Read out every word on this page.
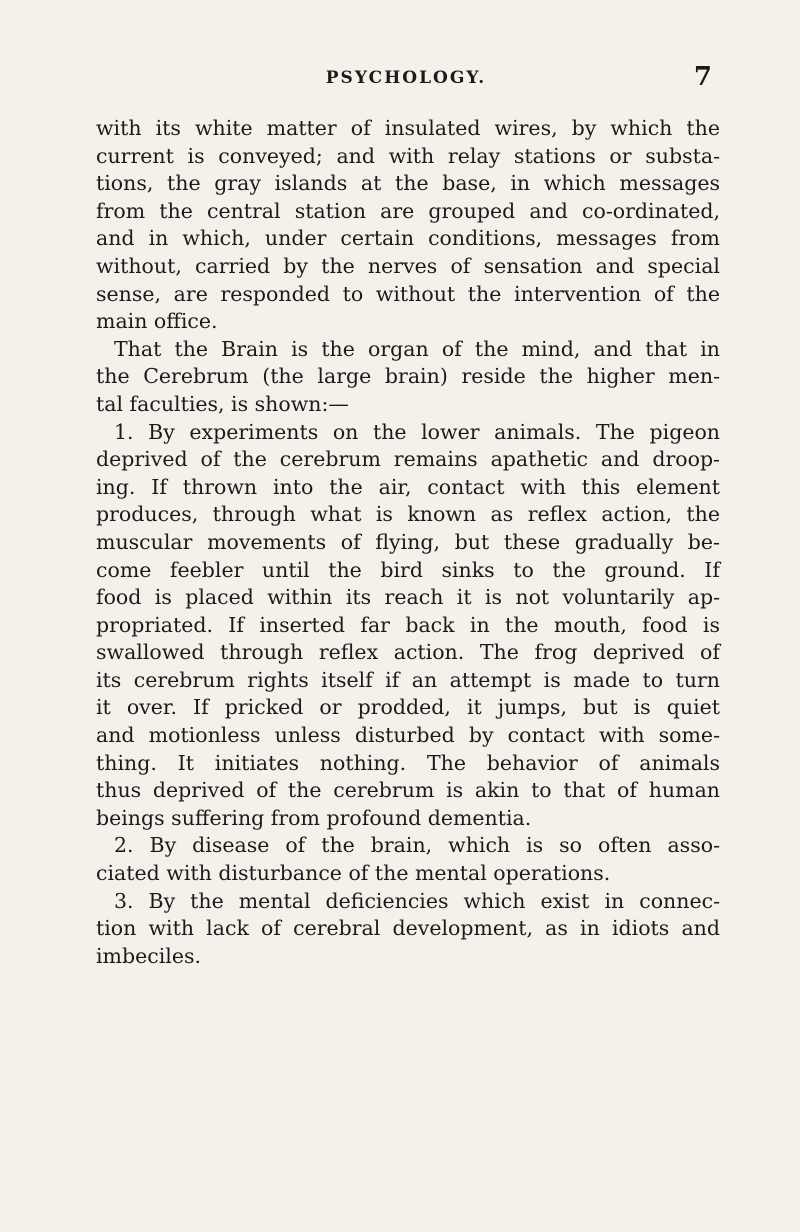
PSYCHOLOGY.	7
with its white matter of insulated wires, by which the
current is conveyed; and with relay stations or substa-
tions, the gray islands at the base, in which messages
from the central station are grouped and co-ordinated,
and in which, under certain conditions, messages from
without, carried by the nerves of sensation and special
sense, are responded to without the intervention of the
main office.
That the Brain is the organ of the mind, and that in
the Cerebrum (the large brain) reside the higher men-
tal faculties, is shown:—
1. By experiments on the lower animals. The pigeon
deprived of the cerebrum remains apathetic and droop-
ing. If thrown into the air, contact with this element
produces, through what is known as reflex action, the
muscular movements of flying, but these gradually be-
come feebler until the bird sinks to the ground. If
food is placed within its reach it is not voluntarily ap-
propriated. If inserted far back in the mouth, food is
swallowed through reflex action. The frog deprived of
its cerebrum rights itself if an attempt is made to turn
it over. If pricked or prodded, it jumps, but is quiet
and motionless unless disturbed by contact with some-
thing. It initiates nothing. The behavior of animals
thus deprived of the cerebrum is akin to that of human
beings suffering from profound dementia.
2. By disease of the brain, which is so often asso-
ciated with disturbance of the mental operations.
3. By the mental deficiencies which exist in connec-
tion with lack of cerebral development, as in idiots and
imbeciles.
